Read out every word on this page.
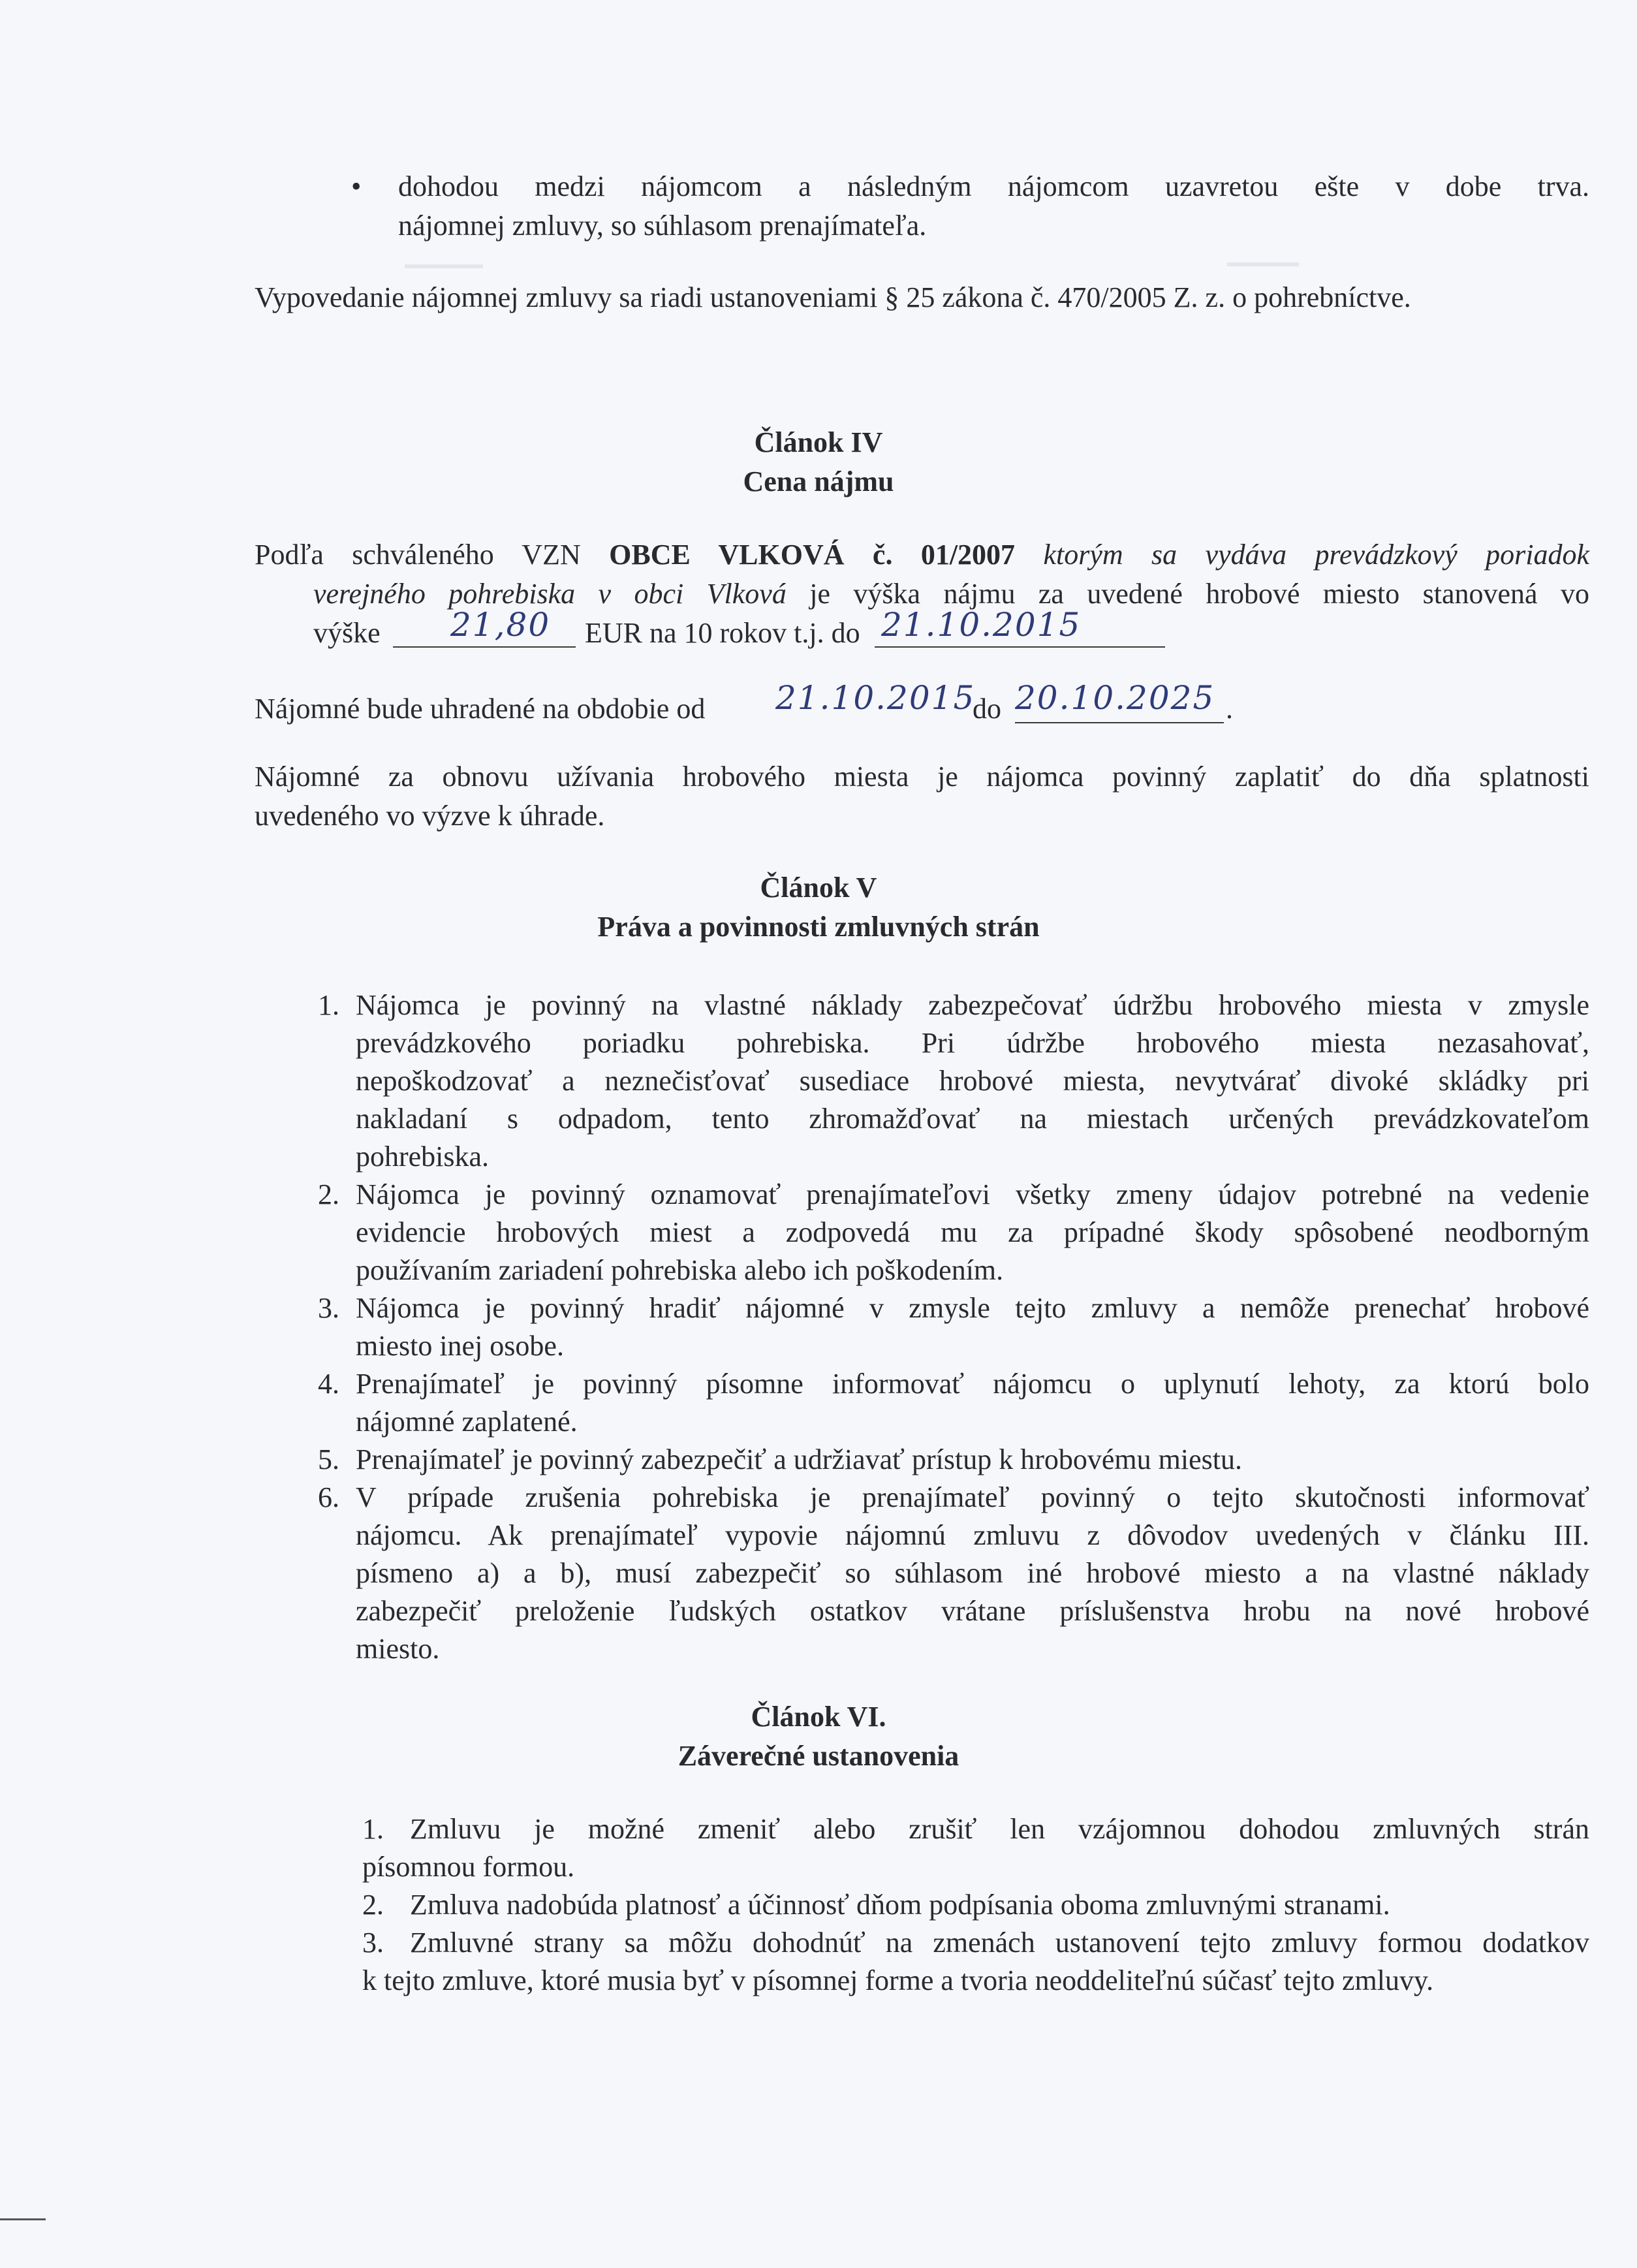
• dohodou medzi nájomcom a následným nájomcom uzavretou ešte v dobe trva.
nájomnej zmluvy, so súhlasom prenajímateľa.
Vypovedanie nájomnej zmluvy sa riadi ustanoveniami § 25 zákona č. 470/2005 Z. z. o pohrebníctve.
Článok IV
Cena nájmu
Podľa schváleného VZN OBCE VLKOVÁ č. 01/2007 ktorým sa vydáva prevádzkový poriadok
verejného pohrebiska v obci Vlková je výška nájmu za uvedené hrobové miesto stanovená vo
výške 21,80 EUR na 10 rokov t.j. do 21.10.2015
Nájomné bude uhradené na obdobie od 21.10.2015
do 20.10.2025 .
Nájomné za obnovu užívania hrobového miesta je nájomca povinný zaplatiť do dňa splatnosti
uvedeného vo výzve k úhrade.
Článok V
Práva a povinnosti zmluvných strán
1. Nájomca je povinný na vlastné náklady zabezpečovať údržbu hrobového miesta v zmysle
prevádzkového poriadku pohrebiska. Pri údržbe hrobového miesta nezasahovať,
nepoškodzovať a neznečisťovať susediace hrobové miesta, nevytvárať divoké skládky pri
nakladaní s odpadom, tento zhromažďovať na miestach určených prevádzkovateľom
pohrebiska.
2. Nájomca je povinný oznamovať prenajímateľovi všetky zmeny údajov potrebné na vedenie
evidencie hrobových miest a zodpovedá mu za prípadné škody spôsobené neodborným
používaním zariadení pohrebiska alebo ich poškodením.
3. Nájomca je povinný hradiť nájomné v zmysle tejto zmluvy a nemôže prenechať hrobové
miesto inej osobe.
4. Prenajímateľ je povinný písomne informovať nájomcu o uplynutí lehoty, za ktorú bolo
nájomné zaplatené.
5. Prenajímateľ je povinný zabezpečiť a udržiavať prístup k hrobovému miestu.
6. V prípade zrušenia pohrebiska je prenajímateľ povinný o tejto skutočnosti informovať
nájomcu. Ak prenajímateľ vypovie nájomnú zmluvu z dôvodov uvedených v článku III.
písmeno a) a b), musí zabezpečiť so súhlasom iné hrobové miesto a na vlastné náklady
zabezpečiť preloženie ľudských ostatkov vrátane príslušenstva hrobu na nové hrobové
miesto.
Článok VI.
Záverečné ustanovenia
1. Zmluvu je možné zmeniť alebo zrušiť len vzájomnou dohodou zmluvných strán
písomnou formou.
2. Zmluva nadobúda platnosť a účinnosť dňom podpísania oboma zmluvnými stranami.
3. Zmluvné strany sa môžu dohodnúť na zmenách ustanovení tejto zmluvy formou dodatkov
k tejto zmluve, ktoré musia byť v písomnej forme a tvoria neoddeliteľnú súčasť tejto zmluvy.
